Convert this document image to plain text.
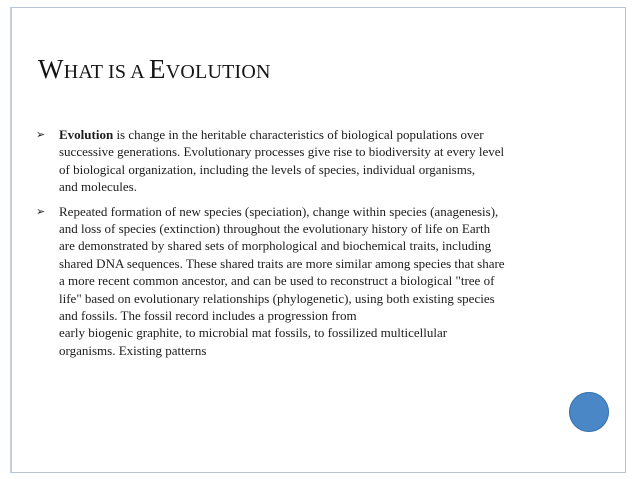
WHAT IS A EVOLUTION
➢ Evolution is change in the heritable characteristics of biological populations over
successive generations. Evolutionary processes give rise to biodiversity at every level
of biological organization, including the levels of species, individual organisms,
and molecules.
➢ Repeated formation of new species (speciation), change within species (anagenesis),
and loss of species (extinction) throughout the evolutionary history of life on Earth
are demonstrated by shared sets of morphological and biochemical traits, including
shared DNA sequences. These shared traits are more similar among species that share
a more recent common ancestor, and can be used to reconstruct a biological "tree of
life" based on evolutionary relationships (phylogenetic), using both existing species
and fossils. The fossil record includes a progression from
early biogenic graphite, to microbial mat fossils, to fossilized multicellular
organisms. Existing patterns
